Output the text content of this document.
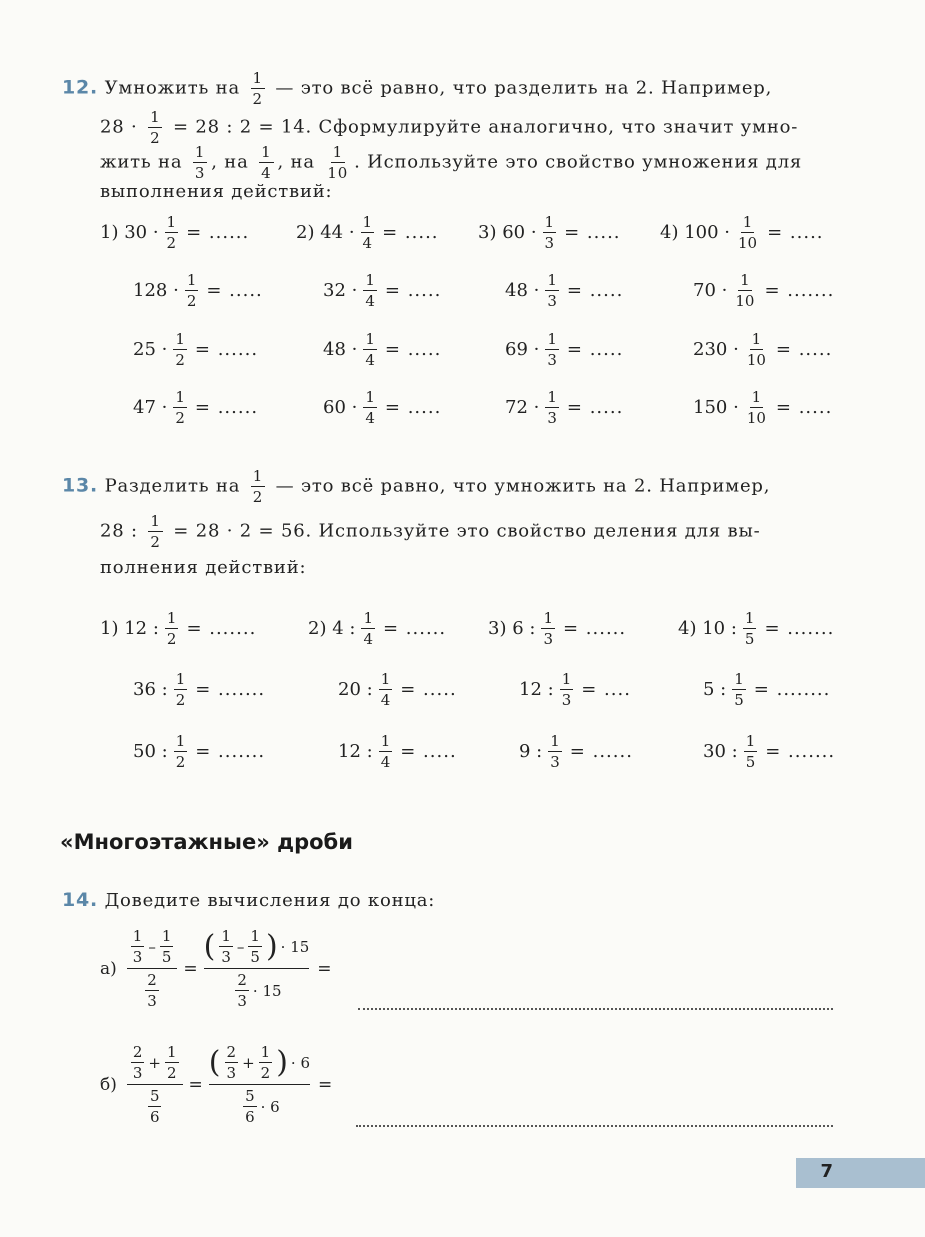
12. Умножить на $\frac{1}{2}$ — это всё равно, что разделить на 2. Например,
$28 \cdot \frac{1}{2} = 28$ : 2 = 14. Сформулируйте аналогично, что значит умно-
жить на $\frac{1}{3}$ , на $\frac{1}{4}$ , на $\frac{1}{10}$ . Используйте это свойство умножения для
выполнения действий:
1) $30 \cdot \frac{1}{2}$ = ......	2) $44 \cdot \frac{1}{4}$ = ..... 3) $60 \cdot \frac{1}{3}$ = ..... 4) $100 \cdot \frac{1}{10}$ = .....
$128 \cdot \frac{1}{2}$ = .....	$32 \cdot \frac{1}{4}$ = .....	$48 \cdot \frac{1}{3}$ = .....	$70 \cdot \frac{1}{10}$ = .......
$25 \cdot \frac{1}{2}$ = ......	$48 \cdot \frac{1}{4}$ = .....	$69 \cdot \frac{1}{3}$ = .....	$230 \cdot \frac{1}{10}$ = .....
$47 \cdot \frac{1}{2}$ = ......	$60 \cdot \frac{1}{4}$ = .....	$72 \cdot \frac{1}{3}$ = .....	$150 \cdot \frac{1}{10}$ = .....
13. Разделить на $\frac{1}{2}$ — это всё равно, что умножить на 2. Например,
28 : $\frac{1}{2} = 28 \cdot 2 = 56$. Используйте это свойство деления для вы-
полнения действий:
1) 12 : $\frac{1}{2}$ = .......	2) 4 : $\frac{1}{4}$ = ...... 3) 6 : $\frac{1}{3}$ = ......	4) 10 : $\frac{1}{5}$ = .......
36 : $\frac{1}{2}$ = .......	20 : $\frac{1}{4}$ = .....	12 : $\frac{1}{3}$ = ....	5 : $\frac{1}{5}$ = ........
50 : $\frac{1}{2}$ = .......	12 : $\frac{1}{4}$ = .....	9 : $\frac{1}{3}$ = ......	30 : $\frac{1}{5}$ = .......
«Многоэтажные» дроби
14. Доведите вычисления до конца:
$а) \frac{\frac{1}{3} - \frac{1}{5}}{\frac{2}{3}} = \frac{( \frac{1}{3} - \frac{1}{5} ) \cdot 15}{\frac{2}{3} \cdot 15}$ =
$б) \frac{\frac{2}{3} + \frac{1}{2}}{\frac{5}{6}} = \frac{( \frac{2}{3} + \frac{1}{2} ) \cdot 6}{\frac{5}{6} \cdot 6}$ =
7
